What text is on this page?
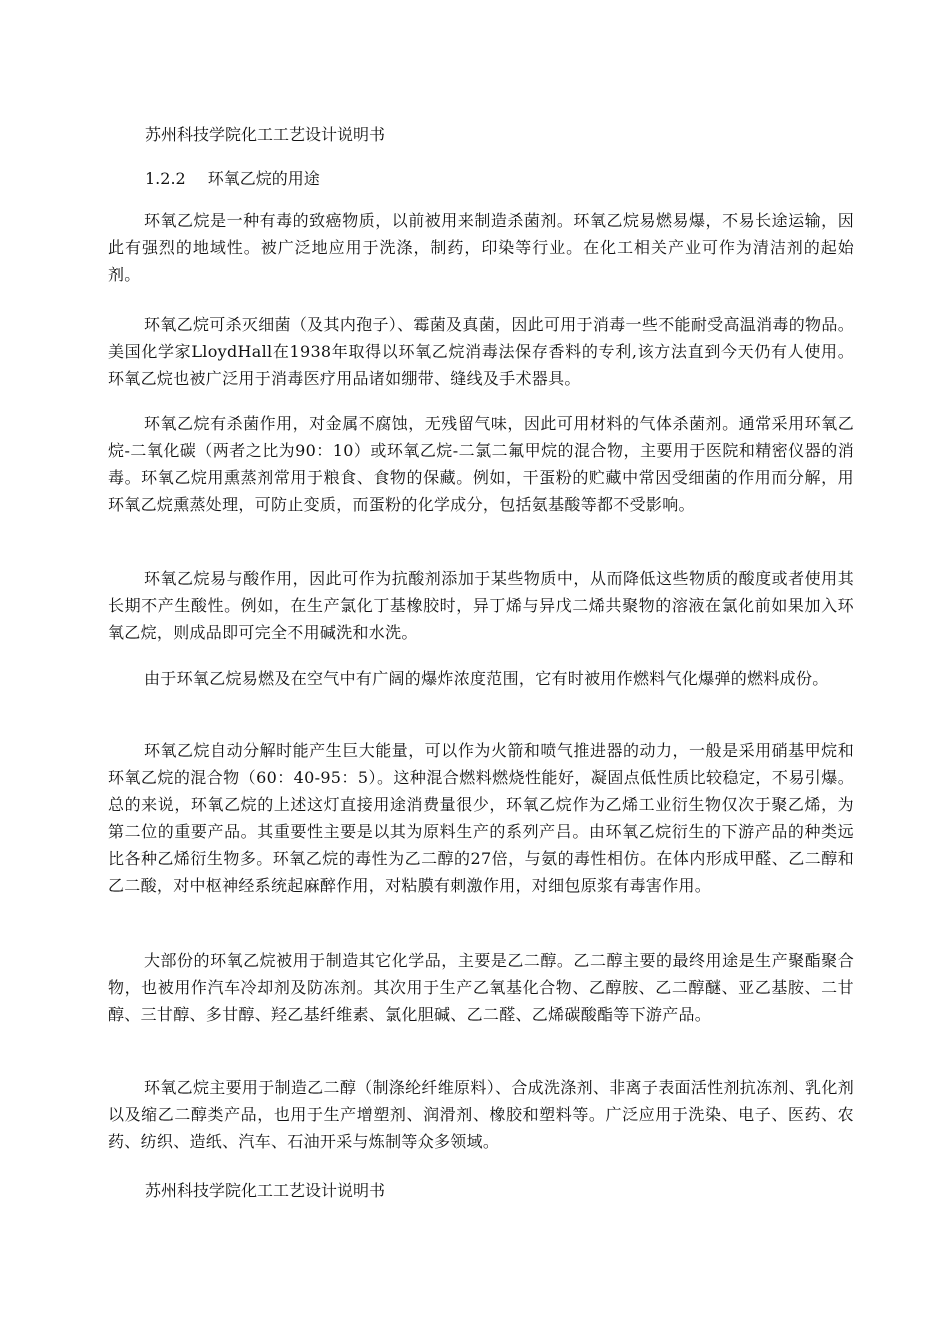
苏州科技学院化工工艺设计说明书
1.2.2 环氧乙烷的用途

环氧乙烷是一种有毒的致癌物质，以前被用来制造杀菌剂。环氧乙烷易燃易爆，不易长途运输，因此有强烈的地域性。被广泛地应用于洗涤，制药，印染等行业。在化工相关产业可作为清洁剂的起始剂。

环氧乙烷可杀灭细菌（及其内孢子）、霉菌及真菌，因此可用于消毒一些不能耐受高温消毒的物品。美国化学家LloydHall在1938年取得以环氧乙烷消毒法保存香料的专利,该方法直到今天仍有人使用。环氧乙烷也被广泛用于消毒医疗用品诸如绷带、缝线及手术器具。

环氧乙烷有杀菌作用，对金属不腐蚀，无残留气味，因此可用材料的气体杀菌剂。通常采用环氧乙烷-二氧化碳（两者之比为90：10）或环氧乙烷-二氯二氟甲烷的混合物，主要用于医院和精密仪器的消毒。环氧乙烷用熏蒸剂常用于粮食、食物的保藏。例如，干蛋粉的贮藏中常因受细菌的作用而分解，用环氧乙烷熏蒸处理，可防止变质，而蛋粉的化学成分，包括氨基酸等都不受影响。

环氧乙烷易与酸作用，因此可作为抗酸剂添加于某些物质中，从而降低这些物质的酸度或者使用其长期不产生酸性。例如，在生产氯化丁基橡胶时，异丁烯与异戊二烯共聚物的溶液在氯化前如果加入环氧乙烷，则成品即可完全不用碱洗和水洗。

由于环氧乙烷易燃及在空气中有广阔的爆炸浓度范围，它有时被用作燃料气化爆弹的燃料成份。

环氧乙烷自动分解时能产生巨大能量，可以作为火箭和喷气推进器的动力，一般是采用硝基甲烷和环氧乙烷的混合物（60：40-95：5）。这种混合燃料燃烧性能好，凝固点低性质比较稳定，不易引爆。总的来说，环氧乙烷的上述这灯直接用途消费量很少，环氧乙烷作为乙烯工业衍生物仅次于聚乙烯，为第二位的重要产品。其重要性主要是以其为原料生产的系列产吕。由环氧乙烷衍生的下游产品的种类远比各种乙烯衍生物多。环氧乙烷的毒性为乙二醇的27倍，与氨的毒性相仿。在体内形成甲醛、乙二醇和乙二酸，对中枢神经系统起麻醉作用，对粘膜有刺激作用，对细包原浆有毒害作用。

大部份的环氧乙烷被用于制造其它化学品，主要是乙二醇。乙二醇主要的最终用途是生产聚酯聚合物，也被用作汽车冷却剂及防冻剂。其次用于生产乙氧基化合物、乙醇胺、乙二醇醚、亚乙基胺、二甘醇、三甘醇、多甘醇、羟乙基纤维素、氯化胆碱、乙二醛、乙烯碳酸酯等下游产品。

环氧乙烷主要用于制造乙二醇（制涤纶纤维原料）、合成洗涤剂、非离子表面活性剂抗冻剂、乳化剂以及缩乙二醇类产品，也用于生产增塑剂、润滑剂、橡胶和塑料等。广泛应用于洗染、电子、医药、农药、纺织、造纸、汽车、石油开采与炼制等众多领域。

苏州科技学院化工工艺设计说明书
